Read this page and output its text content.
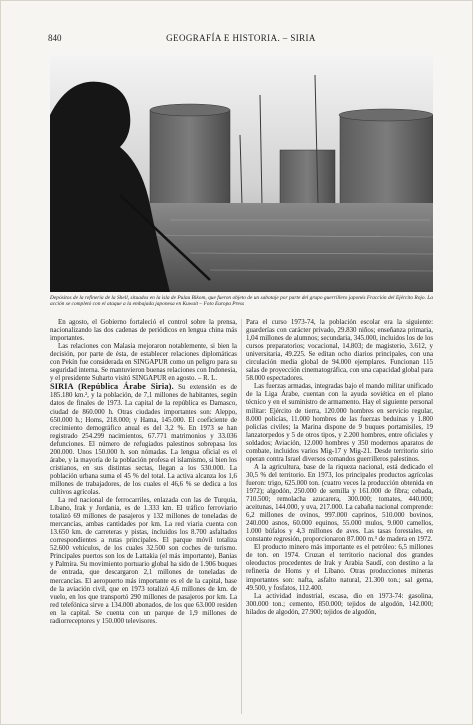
840	GEOGRAFÍA E HISTORIA. – SIRIA
Depósitos de la refinería de la Shell, situados en la isla de Pulau Bikom, que fueron objeto de un sabotaje por parte del grupo guerrillero japonés Fracción del Ejército Rojo. La acción se completó con el ataque a la embajada japonesa en Kuwait – Foto Europa Press

En agosto, el Gobierno fortaleció el control sobre la prensa, nacionalizando las dos cadenas de periódicos en lengua china más importantes.

Las relaciones con Malasia mejoraron notablemente, si bien la decisión, por parte de ésta, de establecer relaciones diplomáticas con Pekín fue considerada en SINGAPUR como un peligro para su seguridad interna. Se mantuvieron buenas relaciones con Indonesia, y el presidente Suharto visitó SINGAPUR en agosto. – R. L.

SIRIA (República Árabe Siria). Su extensión es de 185.180 km.², y la población, de 7,1 millones de habitantes, según datos de finales de 1973. La capital de la república es Damasco, ciudad de 860.000 h. Otras ciudades importantes son: Aleppo, 650.000 h.; Homs, 218.000; y Hama, 145.000. El coeficiente de crecimiento demográfico anual es del 3,2 %. En 1973 se han registrado 254.299 nacimientos, 67.771 matrimonios y 33.036 defunciones. El número de refugiados palestinos sobrepasa los 200.000. Unos 150.000 h. son nómadas. La lengua oficial es el árabe, y la mayoría de la población profesa el islamismo, si bien los cristianos, en sus distintas sectas, llegan a los 530.000. La población urbana suma el 45 % del total. La activa alcanza los 1,6 millones de trabajadores, de los cuales el 46,6 % se dedica a los cultivos agrícolas.

La red nacional de ferrocarriles, enlazada con las de Turquía, Líbano, Irak y Jordania, es de 1.333 km. El tráfico ferroviario totalizó 69 millones de pasajeros y 132 millones de toneladas de mercancías, ambas cantidades por km. La red viaria cuenta con 13.650 km. de carreteras y pistas, incluidos los 8.700 asfaltados correspondientes a rutas principales. El parque móvil totaliza 52.600 vehículos, de los cuales 32.500 son coches de turismo. Principales puertos son los de Lattakia (el más importante), Banias y Palmira. Su movimiento portuario global ha sido de 1.906 buques de entrada, que descargaron 2,1 millones de toneladas de mercancías. El aeropuerto más importante es el de la capital, base de la aviación civil, que en 1973 totalizó 4,6 millones de km. de vuelo, en los que transportó 290 millones de pasajeros por km. La red telefónica sirve a 134.000 abonados, de los que 63.000 residen en la capital. Se cuenta con un parque de 1,9 millones de radiorreceptores y 150.000 televisores.

Para el curso 1973-74, la población escolar era la siguiente: guarderías con carácter privado, 29.830 niños; enseñanza primaria, 1,04 millones de alumnos; secundaria, 345.000, incluidos los de los cursos preparatorios; vocacional, 14.803; de magisterio, 3.612, y universitaria, 49.225. Se editan ocho diarios principales, con una circulación media global de 94.000 ejemplares. Funcionan 115 salas de proyección cinematográfica, con una capacidad global para 58.000 espectadores.

Las fuerzas armadas, integradas bajo el mando militar unificado de la Liga Árabe, cuentan con la ayuda soviética en el plano técnico y en el suministro de armamento. Hay el siguiente personal militar: Ejército de tierra, 120.000 hombres en servicio regular, 8.000 policías, 11.000 hombres de las fuerzas beduinas y 1.800 policías civiles; la Marina dispone de 9 buques portamisiles, 19 lanzatorpedos y 5 de otros tipos, y 2.200 hombres, entre oficiales y soldados; Aviación, 12.000 hombres y 350 modernos aparatos de combate, incluidos varios Mig-17 y Mig-21. Desde territorio sirio operan contra Israel diversos comandos guerrilleros palestinos.

A la agricultura, base de la riqueza nacional, está dedicado el 30,5 % del territorio. En 1973, los principales productos agrícolas fueron: trigo, 625.000 ton. (cuatro veces la producción obtenida en 1972); algodón, 250.000 de semilla y 161.000 de fibra; cebada, 710.500; remolacha azucarera, 300.000; tomates, 440.000; aceitunas, 144.000, y uva, 217.000. La cabaña nacional comprende: 6,2 millones de ovinos, 997.000 caprinos, 510.000 bovinos, 240.000 asnos, 60.000 equinos, 55.000 mulos, 9.000 camellos, 1.000 búfalos y 4,3 millones de aves. Las tasas forestales, en constante regresión, proporcionaron 87.000 m.³ de madera en 1972.

El producto minero más importante es el petróleo: 6,5 millones de ton. en 1974. Cruzan el territorio nacional dos grandes oleoductos procedentes de Irak y Arabia Saudí, con destino a la refinería de Homs y el Líbano. Otras producciones mineras importantes son: nafta, asfalto natural, 21.300 ton.; sal gema, 49.500, y fosfatos, 112.400.

La actividad industrial, escasa, dio en 1973-74: gasolina, 300.000 ton.; cemento, 850.000; tejidos de algodón, 142.000; hilados de algodón, 27.900; tejidos de algodón,
